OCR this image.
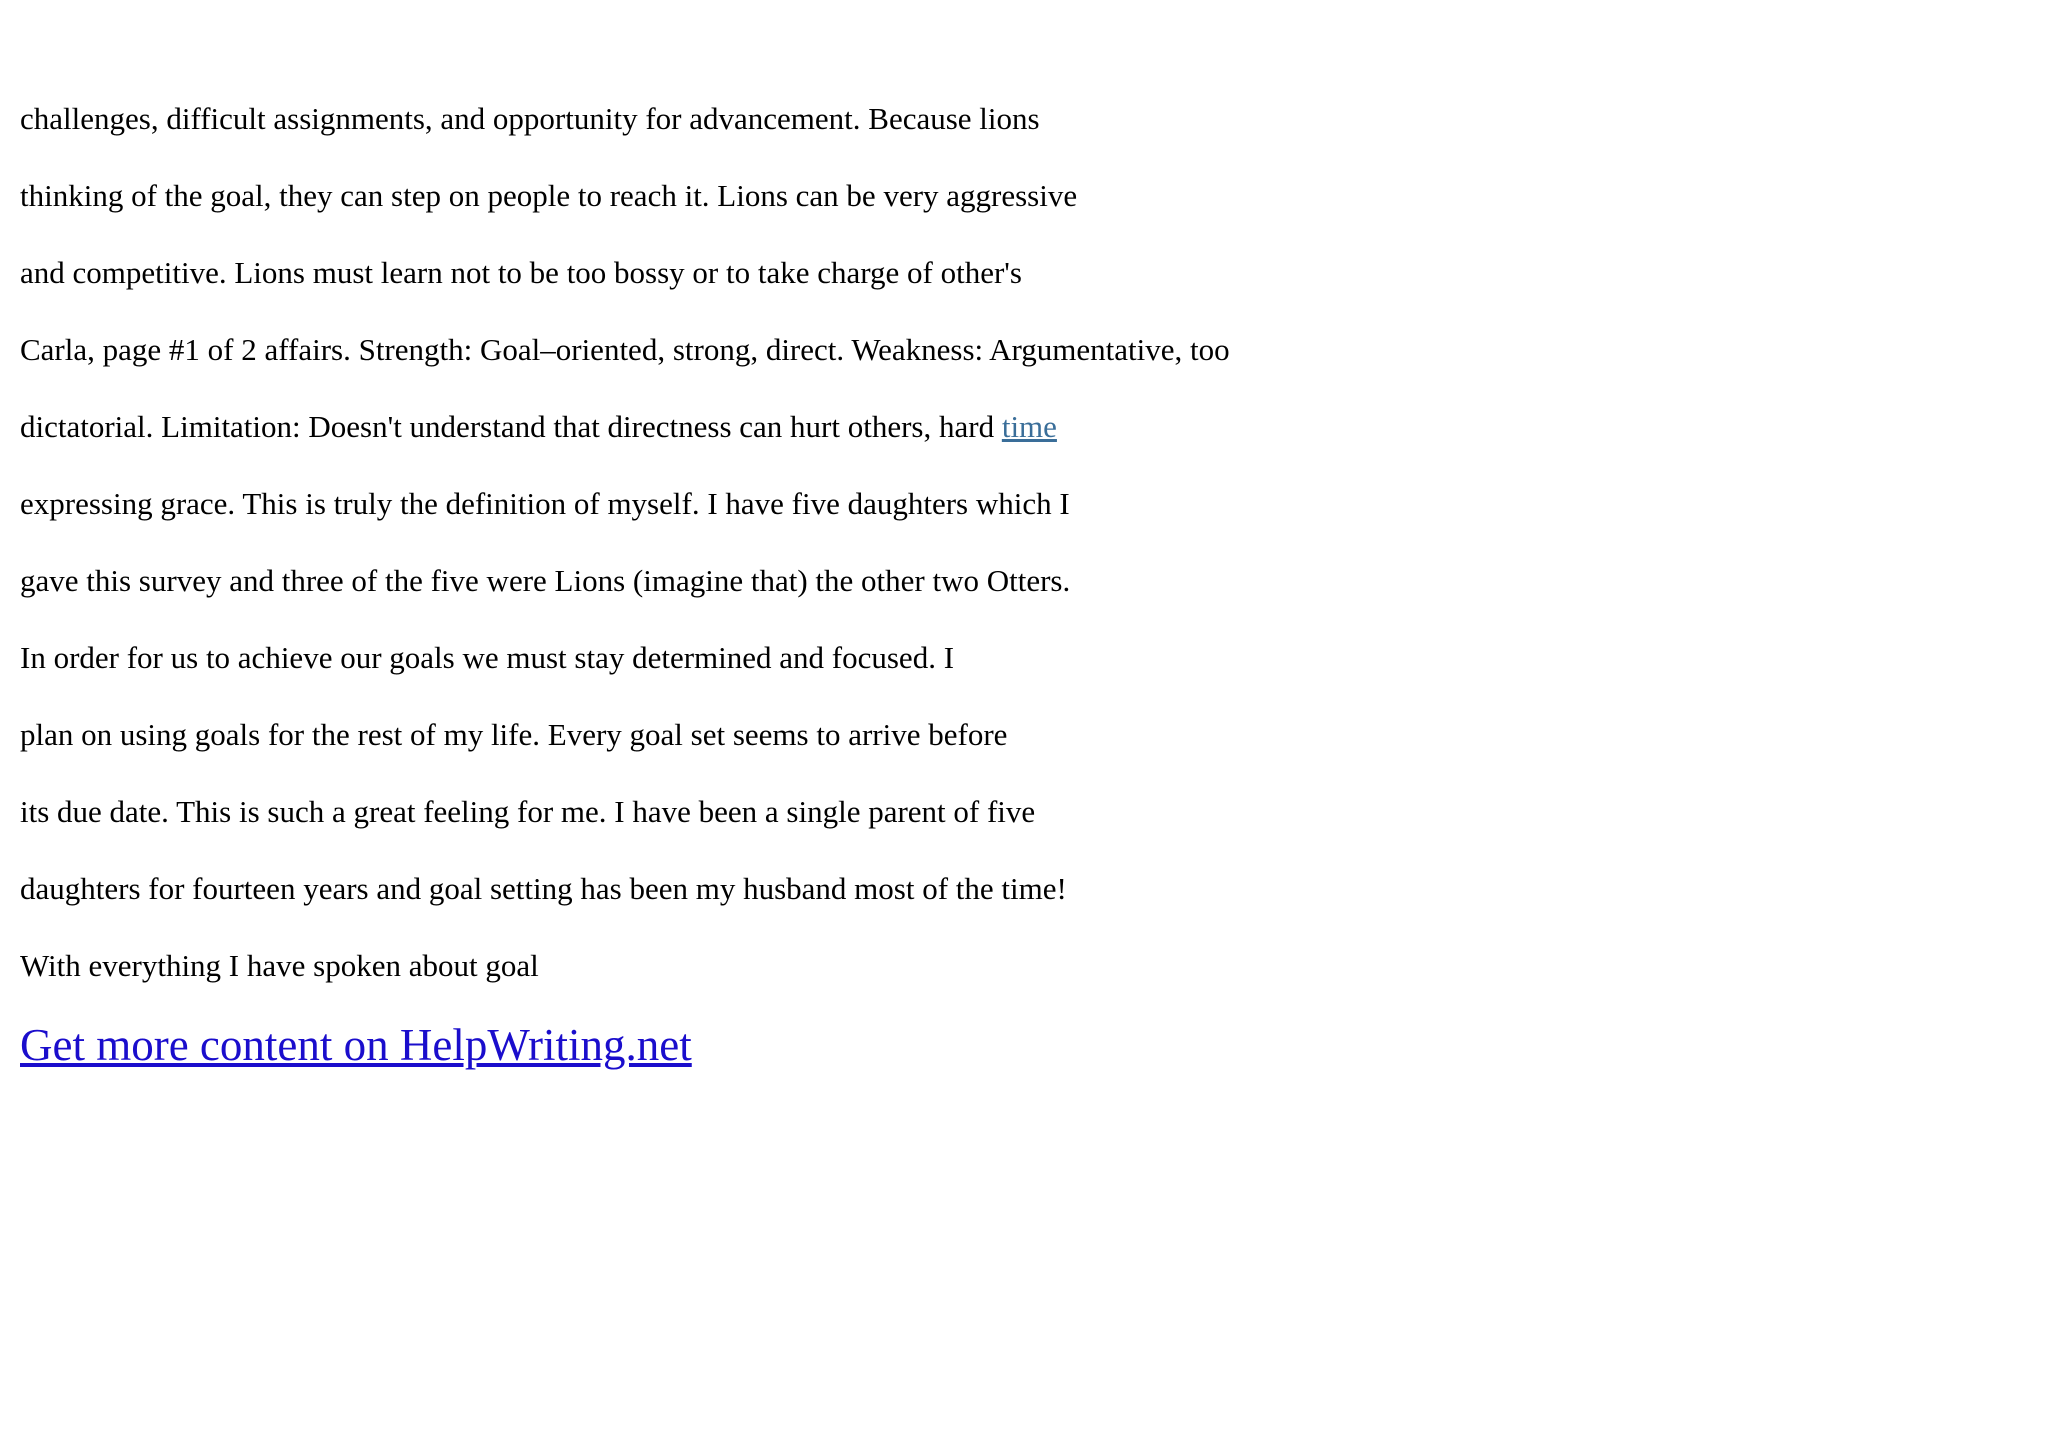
challenges, difficult assignments, and opportunity for advancement. Because lions

thinking of the goal, they can step on people to reach it. Lions can be very aggressive

and competitive. Lions must learn not to be too bossy or to take charge of other's

Carla, page #1 of 2 affairs. Strength: Goal–oriented, strong, direct. Weakness: Argumentative, too

dictatorial. Limitation: Doesn't understand that directness can hurt others, hard time

expressing grace. This is truly the definition of myself. I have five daughters which I

gave this survey and three of the five were Lions (imagine that) the other two Otters.

In order for us to achieve our goals we must stay determined and focused. I

plan on using goals for the rest of my life. Every goal set seems to arrive before

its due date. This is such a great feeling for me. I have been a single parent of five

daughters for fourteen years and goal setting has been my husband most of the time!

With everything I have spoken about goal

Get more content on HelpWriting.net
